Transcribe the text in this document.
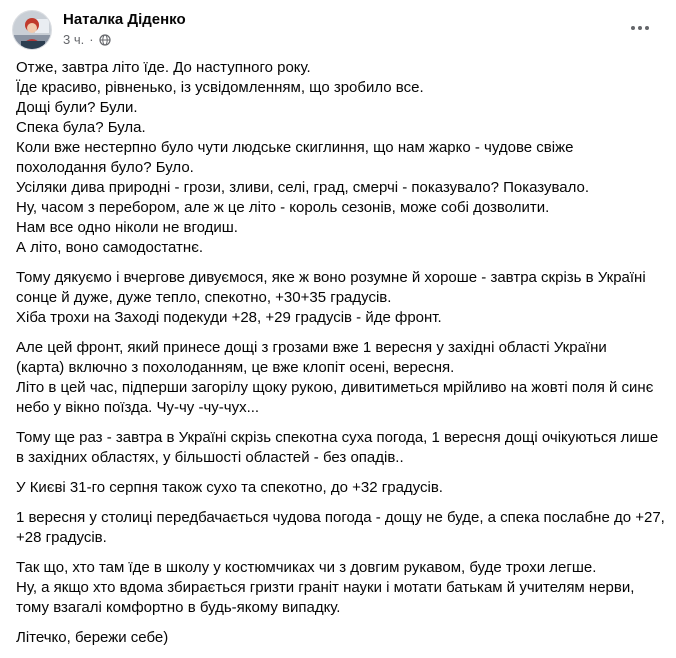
Наталка Діденко
3 ч. ·
Отже, завтра літо їде. До наступного року.
Їде красиво, рівненько, із усвідомленням, що зробило все.
Дощі були? Були.
Спека була? Була.
Коли вже нестерпно було чути людське скиглиння, що нам жарко - чудове свіже
похолодання було? Було.
Усіляки дива природні - грози, зливи, селі, град, смерчі - показувало? Показувало.
Ну, часом з перебором, але ж це літо - король сезонів, може собі дозволити.
Нам все одно ніколи не вгодиш.
А літо, воно самодостатнє.
Тому дякуємо і вчергове дивуємося, яке ж воно розумне й хороше - завтра скрізь в Україні
сонце й дуже, дуже тепло, спекотно, +30+35 градусів.
Хіба трохи на Заході подекуди +28, +29 градусів - йде фронт.
Але цей фронт, який принесе дощі з грозами вже 1 вересня у західні області України
(карта) включно з похолоданням, це вже клопіт осені, вересня.
Літо в цей час, підперши загорілу щоку рукою, дивитиметься мрійливо на жовті поля й синє
небо у вікно поїзда. Чу-чу -чу-чух...
Тому ще раз - завтра в Україні скрізь спекотна суха погода, 1 вересня дощі очікуються лише
в західних областях, у більшості областей - без опадів..
У Києві 31-го серпня також сухо та спекотно, до +32 градусів.
1 вересня у столиці передбачається чудова погода - дощу не буде, а спека послабне до +27,
+28 градусів.
Так що, хто там їде в школу у костюмчиках чи з довгим рукавом, буде трохи легше.
Ну, а якщо хто вдома збирається гризти граніт науки і мотати батькам й учителям нерви,
тому взагалі комфортно в будь-якому випадку.
Літечко, бережи себе)
